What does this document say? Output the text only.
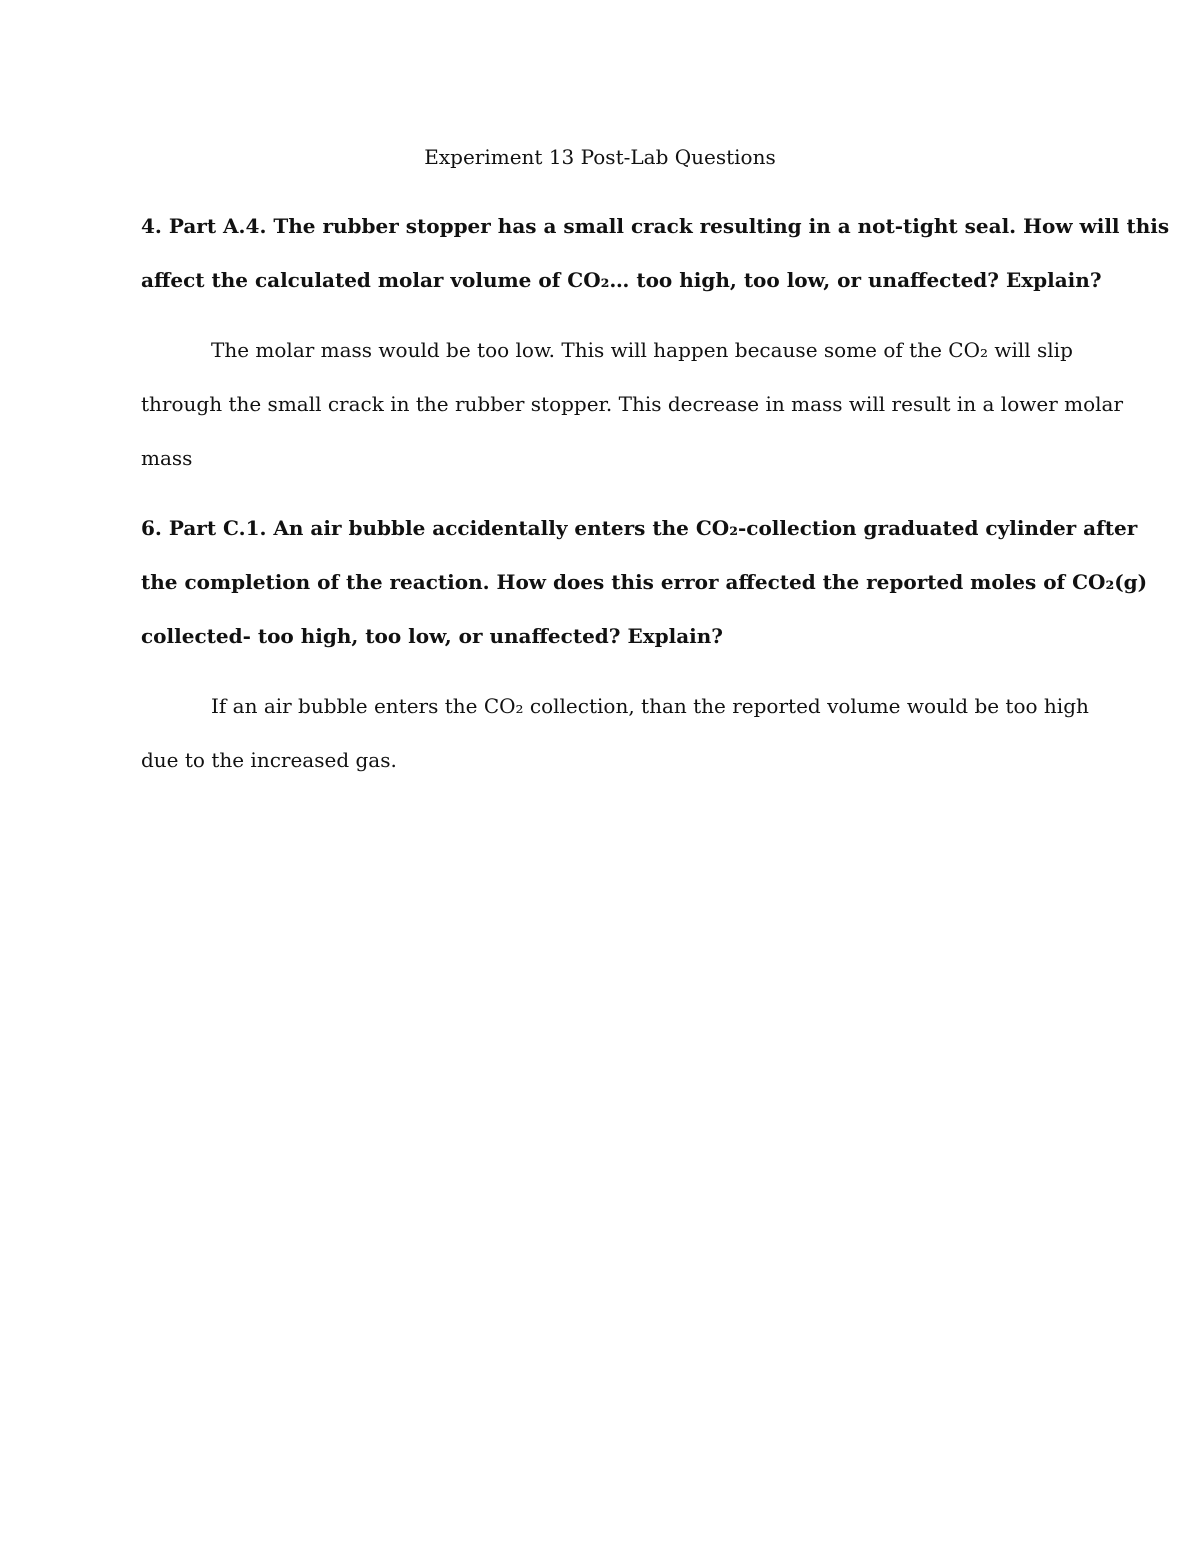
Experiment 13 Post-Lab Questions
4. Part A.4. The rubber stopper has a small crack resulting in a not-tight seal. How will this
affect the calculated molar volume of CO₂… too high, too low, or unaffected? Explain?
The molar mass would be too low. This will happen because some of the CO₂ will slip
through the small crack in the rubber stopper. This decrease in mass will result in a lower molar
mass
6. Part C.1. An air bubble accidentally enters the CO₂-collection graduated cylinder after
the completion of the reaction. How does this error affected the reported moles of CO₂(g)
collected- too high, too low, or unaffected? Explain?
If an air bubble enters the CO₂ collection, than the reported volume would be too high
due to the increased gas.
